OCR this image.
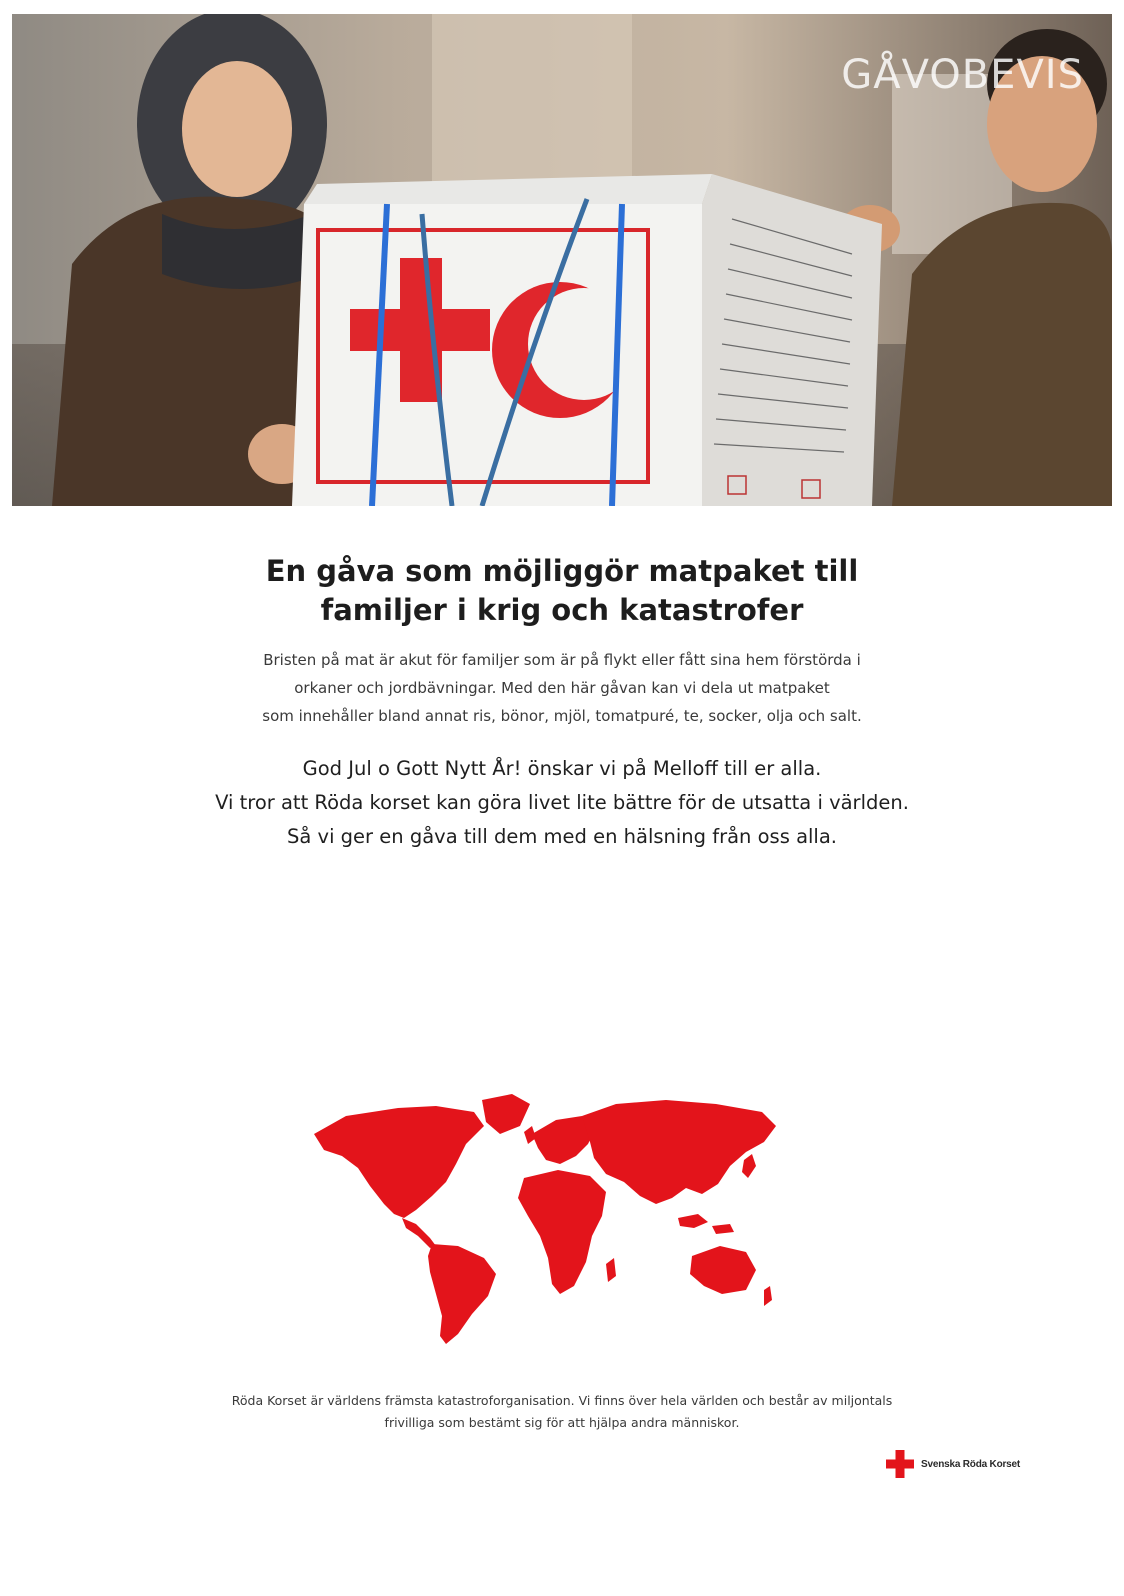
GÅVOBEVIS
En gåva som möjliggör matpaket till
familjer i krig och katastrofer

Bristen på mat är akut för familjer som är på flykt eller fått sina hem förstörda i
orkaner och jordbävningar. Med den här gåvan kan vi dela ut matpaket
som innehåller bland annat ris, bönor, mjöl, tomatpuré, te, socker, olja och salt.

God Jul o Gott Nytt År! önskar vi på Melloff till er alla.
Vi tror att Röda korset kan göra livet lite bättre för de utsatta i världen.
Så vi ger en gåva till dem med en hälsning från oss alla.

Röda Korset är världens främsta katastroforganisation. Vi finns över hela världen och består av miljontals
frivilliga som bestämt sig för att hjälpa andra människor.

Svenska Röda Korset
